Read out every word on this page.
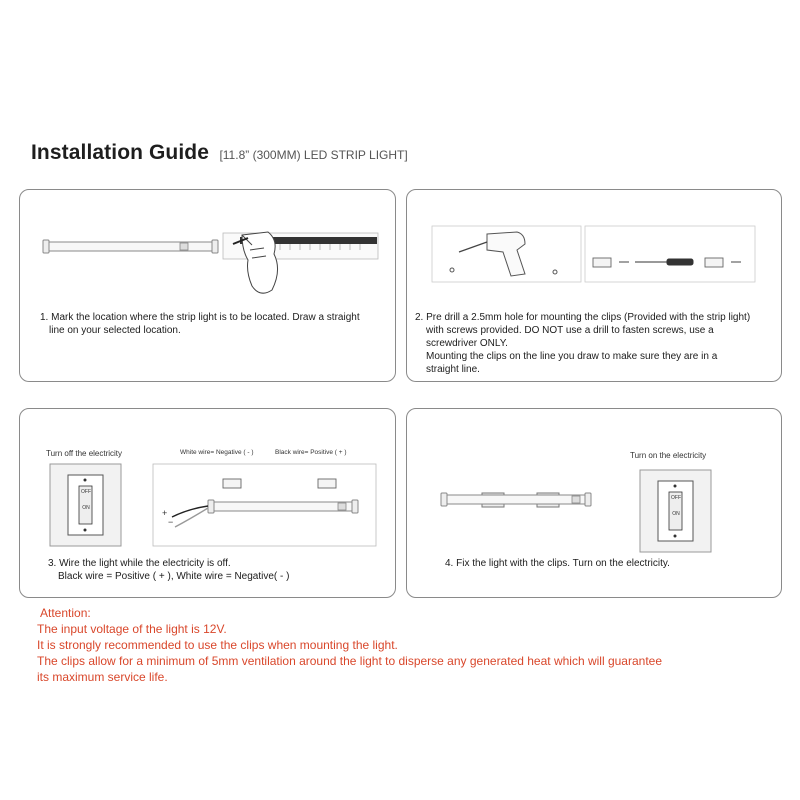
Installation Guide [11.8” (300MM) LED STRIP LIGHT]
1. Mark the location where the strip light is to be located. Draw a straight
line on your selected location.
2. Pre drill a 2.5mm hole for mounting the clips (Provided with the strip light)
with screws provided. DO NOT use a drill to fasten screws, use a
screwdriver ONLY.
Mounting the clips on the line you draw to make sure they are in a
straight line.
Turn off the electricity
OFF
ON
White wire= Negative ( - )	Black wire= Positive ( + )
+
−
3. Wire the light while the electricity is off.
Black wire = Positive ( + ), White wire = Negative( - )
Turn on the electricity
OFF
ON
4. Fix the light with the clips. Turn on the electricity.
Attention:
The input voltage of the light is 12V.
It is strongly recommended to use the clips when mounting the light.
The clips allow for a minimum of 5mm ventilation around the light to disperse any generated heat which will guarantee
its maximum service life.
